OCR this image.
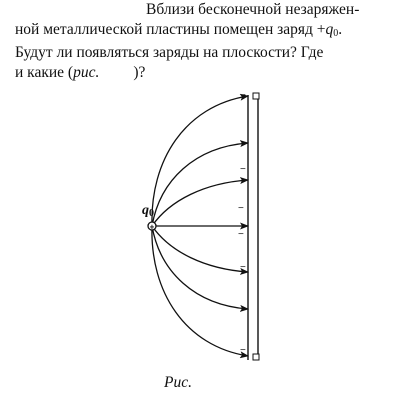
Вблизи бесконечной незаряжен-
ной металлической пластины помещен заряд $+q_0$.
Будут ли появляться заряды на плоскости? Где
и какие (рис. )?
−
−
−
−
−
−
+
$q_0$
Рис.
